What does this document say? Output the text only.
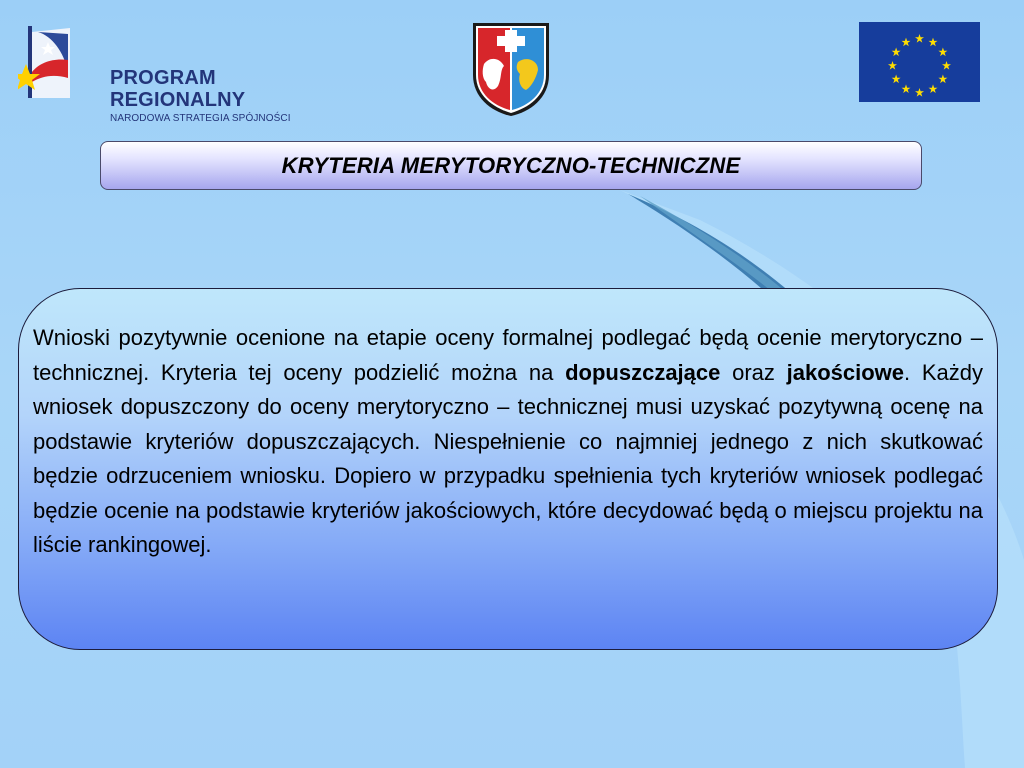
PROGRAM REGIONALNY
NARODOWA STRATEGIA SPÓJNOŚCI
KRYTERIA MERYTORYCZNO-TECHNICZNE

Wnioski pozytywnie ocenione na etapie oceny formalnej podlegać będą ocenie merytoryczno – technicznej. Kryteria tej oceny podzielić można na dopuszczające oraz jakościowe. Każdy wniosek dopuszczony do oceny merytoryczno – technicznej musi uzyskać pozytywną ocenę na podstawie kryteriów dopuszczających. Niespełnienie co najmniej jednego z nich skutkować będzie odrzuceniem wniosku. Dopiero w przypadku spełnienia tych kryteriów wniosek podlegać będzie ocenie na podstawie kryteriów jakościowych, które decydować będą o miejscu projektu na liście rankingowej.
